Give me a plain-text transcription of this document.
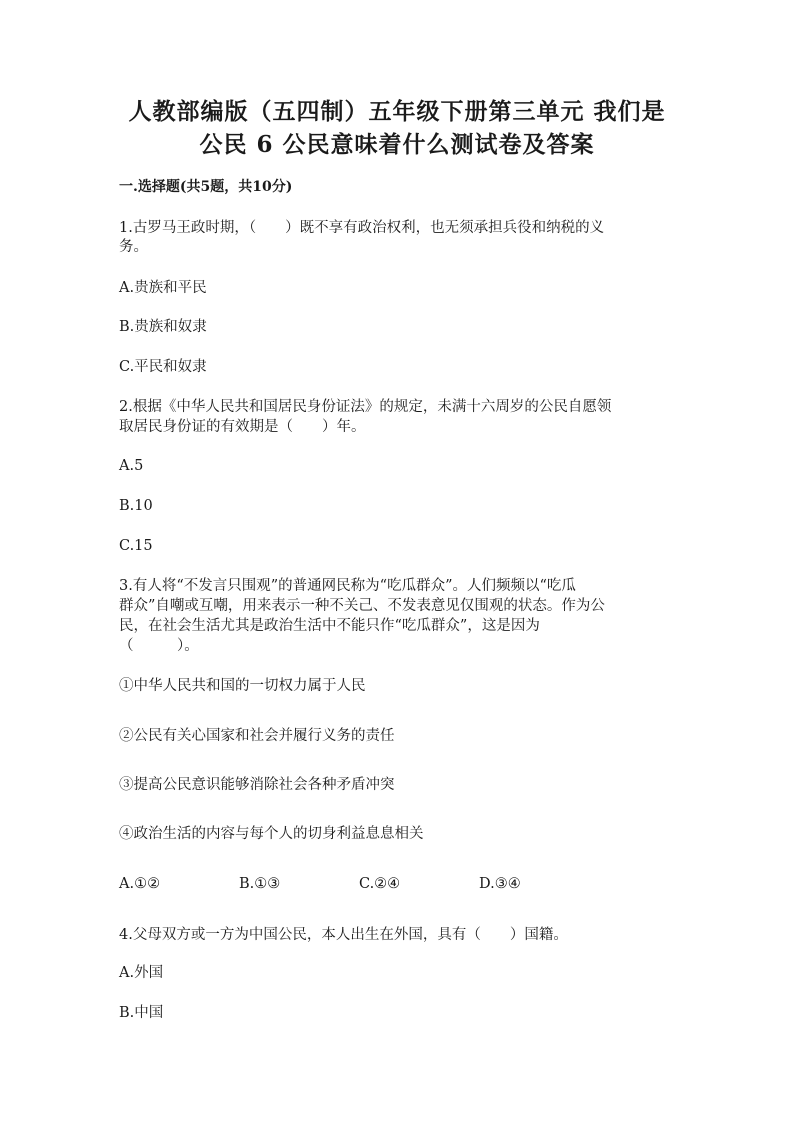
人教部编版（五四制）五年级下册第三单元 我们是
公民 6 公民意味着什么测试卷及答案
一.选择题(共5题，共10分)
1.古罗马王政时期，（　　）既不享有政治权利，也无须承担兵役和纳税的义
务。
A.贵族和平民
B.贵族和奴隶
C.平民和奴隶
2.根据《中华人民共和国居民身份证法》的规定，未满十六周岁的公民自愿领
取居民身份证的有效期是（　　）年。
A.5
B.10
C.15
3.有人将“不发言只围观”的普通网民称为“吃瓜群众”。人们频频以“吃瓜
群众”自嘲或互嘲，用来表示一种不关己、不发表意见仅围观的状态。作为公
民，在社会生活尤其是政治生活中不能只作“吃瓜群众”，这是因为
（　　　）。
①中华人民共和国的一切权力属于人民
②公民有关心国家和社会并履行义务的责任
③提高公民意识能够消除社会各种矛盾冲突
④政治生活的内容与每个人的切身利益息息相关
A.①②	B.①③	C.②④	D.③④
4.父母双方或一方为中国公民，本人出生在外国，具有（　　）国籍。
A.外国
B.中国
